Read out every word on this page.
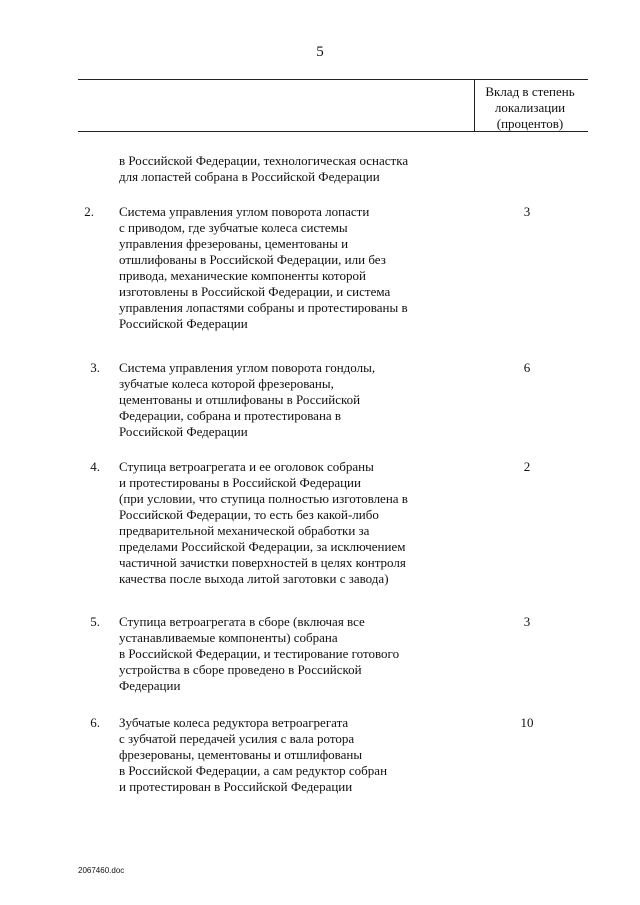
5
Вклад в степень
локализации
(процентов)
в Российской Федерации, технологическая оснастка
для лопастей собрана в Российской Федерации
2. Система управления углом поворота лопасти
с приводом, где зубчатые колеса системы
управления фрезерованы, цементованы и
отшлифованы в Российской Федерации, или без
привода, механические компоненты которой
изготовлены в Российской Федерации, и система
управления лопастями собраны и протестированы в
Российской Федерации
3
3. Система управления углом поворота гондолы,
зубчатые колеса которой фрезерованы,
цементованы и отшлифованы в Российской
Федерации, собрана и протестирована в
Российской Федерации
6
4. Ступица ветроагрегата и ее оголовок собраны
и протестированы в Российской Федерации
(при условии, что ступица полностью изготовлена в
Российской Федерации, то есть без какой-либо
предварительной механической обработки за
пределами Российской Федерации, за исключением
частичной зачистки поверхностей в целях контроля
качества после выхода литой заготовки с завода)
2
5. Ступица ветроагрегата в сборе (включая все
устанавливаемые компоненты) собрана
в Российской Федерации, и тестирование готового
устройства в сборе проведено в Российской
Федерации
3
6. Зубчатые колеса редуктора ветроагрегата
с зубчатой передачей усилия с вала ротора
фрезерованы, цементованы и отшлифованы
в Российской Федерации, а сам редуктор собран
и протестирован в Российской Федерации
10
2067460.doc
